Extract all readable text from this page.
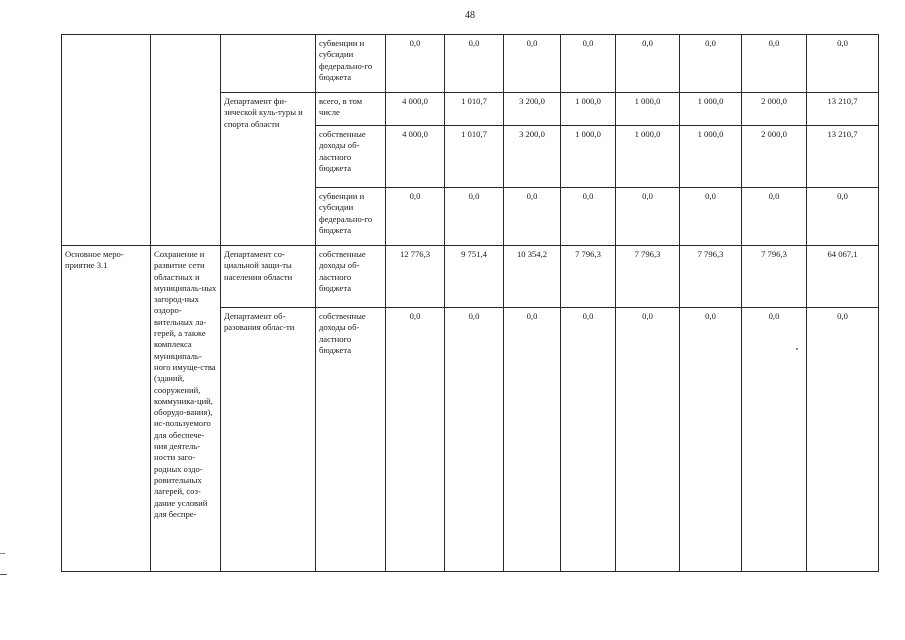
48
			субвенции и субсидии федерально-го бюджета	0,0	0,0	0,0	0,0	0,0	0,0	0,0	0,0
		Департамент фи-зической куль-туры и спорта области	всего, в том числе	4 000,0	1 010,7	3 200,0	1 000,0	1 000,0	1 000,0	2 000,0	13 210,7
			собственные доходы об-ластного бюджета	4 000,0	1 010,7	3 200,0	1 000,0	1 000,0	1 000,0	2 000,0	13 210,7
			субвенции и субсидии федерально-го бюджета	0,0	0,0	0,0	0,0	0,0	0,0	0,0	0,0
Основное меро-приятие 3.1	Сохранение и развитие сети областных и муниципаль-ных загород-ных оздоро-вительных ла-герей, а также комплекса муниципаль-ного имуще-ства (зданий, сооружений, коммуника-ций, оборудо-вания), ис-пользуемого для обеспече-ния деятель-ности заго-родных оздо-ровительных лагерей, соз-дание условий для беспре-	Департамент со-циальной защи-ты населения области	собственные доходы об-ластного бюджета	12 776,3	9 751,4	10 354,2	7 796,3	7 796,3	7 796,3	7 796,3	64 067,1
		Департамент об-разования облас-ти	собственные доходы об-ластного бюджета	0,0	0,0	0,0	0,0	0,0	0,0	0,0	0,0
